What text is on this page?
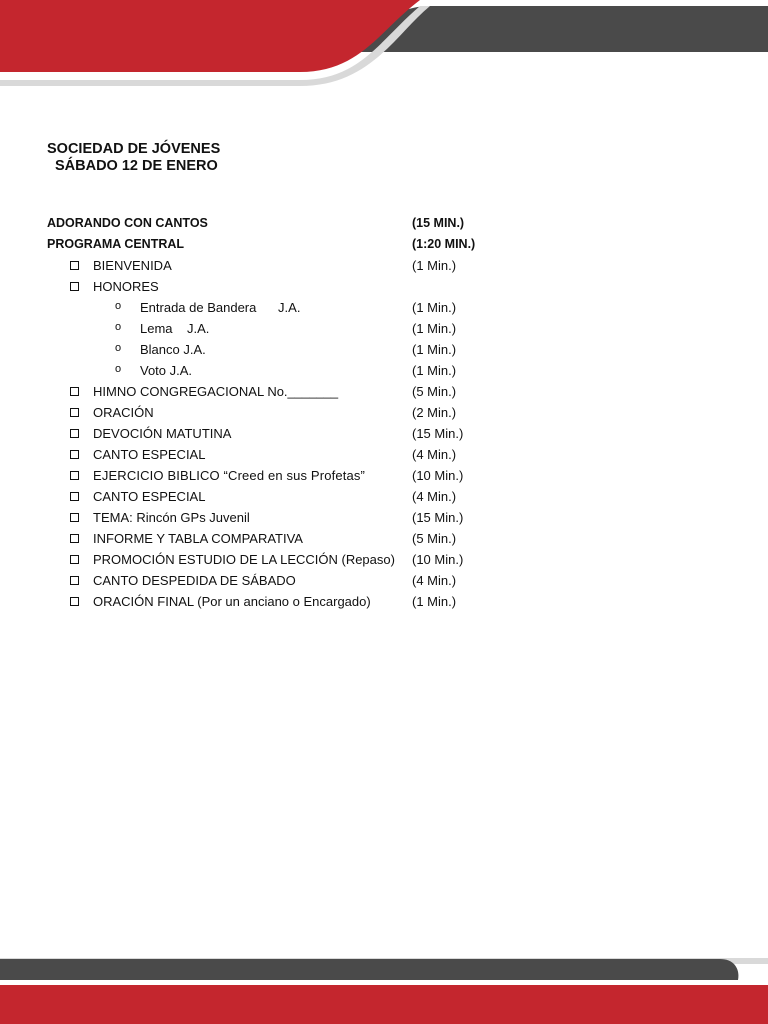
SOCIEDAD DE JÓVENES
SÁBADO 12 DE ENERO
ADORANDO CON CANTOS	(15 MIN.)
PROGRAMA CENTRAL	(1:20 MIN.)
BIENVENIDA	(1 Min.)
HONORES
o Entrada de Bandera      J.A.	(1 Min.)
o Lema    J.A.	(1 Min.)
o Blanco J.A.	(1 Min.)
o Voto J.A.	(1 Min.)
HIMNO CONGREGACIONAL No._______	(5 Min.)
ORACIÓN	(2 Min.)
DEVOCIÓN MATUTINA	(15 Min.)
CANTO ESPECIAL	(4 Min.)
EJERCICIO BIBLICO “Creed en sus Profetas”	(10 Min.)
CANTO ESPECIAL	(4 Min.)
TEMA: Rincón GPs Juvenil	(15 Min.)
INFORME Y TABLA COMPARATIVA	(5 Min.)
PROMOCIÓN ESTUDIO DE LA LECCIÓN (Repaso) (10 Min.)
CANTO DESPEDIDA DE SÁBADO	(4 Min.)
ORACIÓN FINAL (Por un anciano o Encargado)	(1 Min.)
